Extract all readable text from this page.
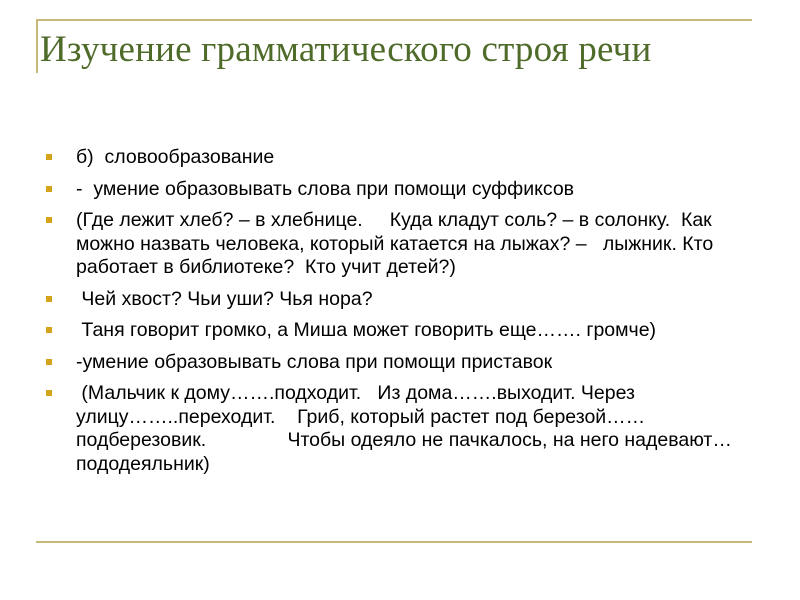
Изучение грамматического строя речи
б)  словообразование
-  умение образовывать слова при помощи суффиксов
(Где лежит хлеб? – в хлебнице.     Куда кладут соль? – в солонку.  Как можно назвать человека, который катается на лыжах? –   лыжник. Кто работает в библиотеке?  Кто учит детей?)
Чей хвост? Чьи уши? Чья нора?
Таня говорит громко, а Миша может говорить еще……. громче)
-умение образовывать слова при помощи приставок
(Мальчик к дому…….подходит.   Из дома…….выходит. Через улицу……..переходит.    Гриб, который растет под березой……подберезовик.               Чтобы одеяло не пачкалось, на него надевают…пододеяльник)
